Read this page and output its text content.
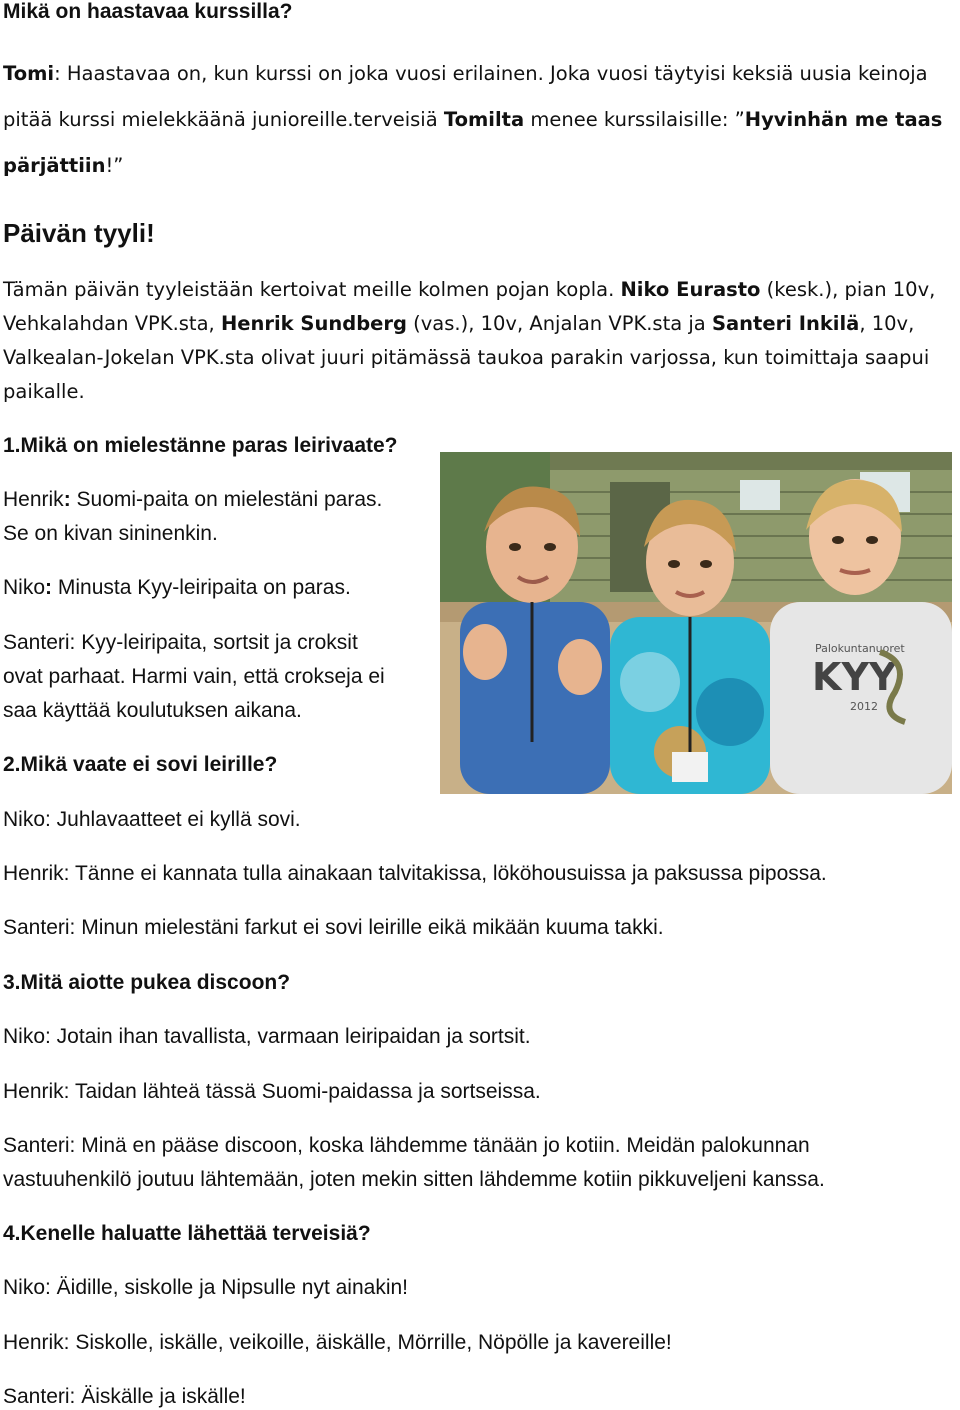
Mikä on haastavaa kurssilla?
Tomi: Haastavaa on, kun kurssi on joka vuosi erilainen. Joka vuosi täytyisi keksiä uusia keinoja
pitää kurssi mielekkäänä junioreille.terveisiä Tomilta menee kurssilaisille: ”Hyvinhän me taas
pärjättiin!”
Päivän tyyli!
Tämän päivän tyyleistään kertoivat meille kolmen pojan kopla. Niko Eurasto (kesk.), pian 10v,
Vehkalahdan VPK.sta, Henrik Sundberg (vas.), 10v, Anjalan VPK.sta ja Santeri Inkilä, 10v,
Valkealan-Jokelan VPK.sta olivat juuri pitämässä taukoa parakin varjossa, kun toimittaja saapui
paikalle.
1.Mikä on mielestänne paras leirivaate?
Henrik: Suomi-paita on mielestäni paras.
Se on kivan sininenkin.
Niko: Minusta Kyy-leiripaita on paras.
Santeri: Kyy-leiripaita, sortsit ja croksit
ovat parhaat. Harmi vain, että crokseja ei
saa käyttää koulutuksen aikana.
Palokuntanuoret
KYY
2012
2.Mikä vaate ei sovi leirille?
Niko: Juhlavaatteet ei kyllä sovi.
Henrik: Tänne ei kannata tulla ainakaan talvitakissa, lököhousuissa ja paksussa pipossa.
Santeri: Minun mielestäni farkut ei sovi leirille eikä mikään kuuma takki.
3.Mitä aiotte pukea discoon?
Niko: Jotain ihan tavallista, varmaan leiripaidan ja sortsit.
Henrik: Taidan lähteä tässä Suomi-paidassa ja sortseissa.
Santeri: Minä en pääse discoon, koska lähdemme tänään jo kotiin. Meidän palokunnan
vastuuhenkilö joutuu lähtemään, joten mekin sitten lähdemme kotiin pikkuveljeni kanssa.
4.Kenelle haluatte lähettää terveisiä?
Niko: Äidille, siskolle ja Nipsulle nyt ainakin!
Henrik: Siskolle, iskälle, veikoille, äiskälle, Mörrille, Nöpölle ja kavereille!
Santeri: Äiskälle ja iskälle!
